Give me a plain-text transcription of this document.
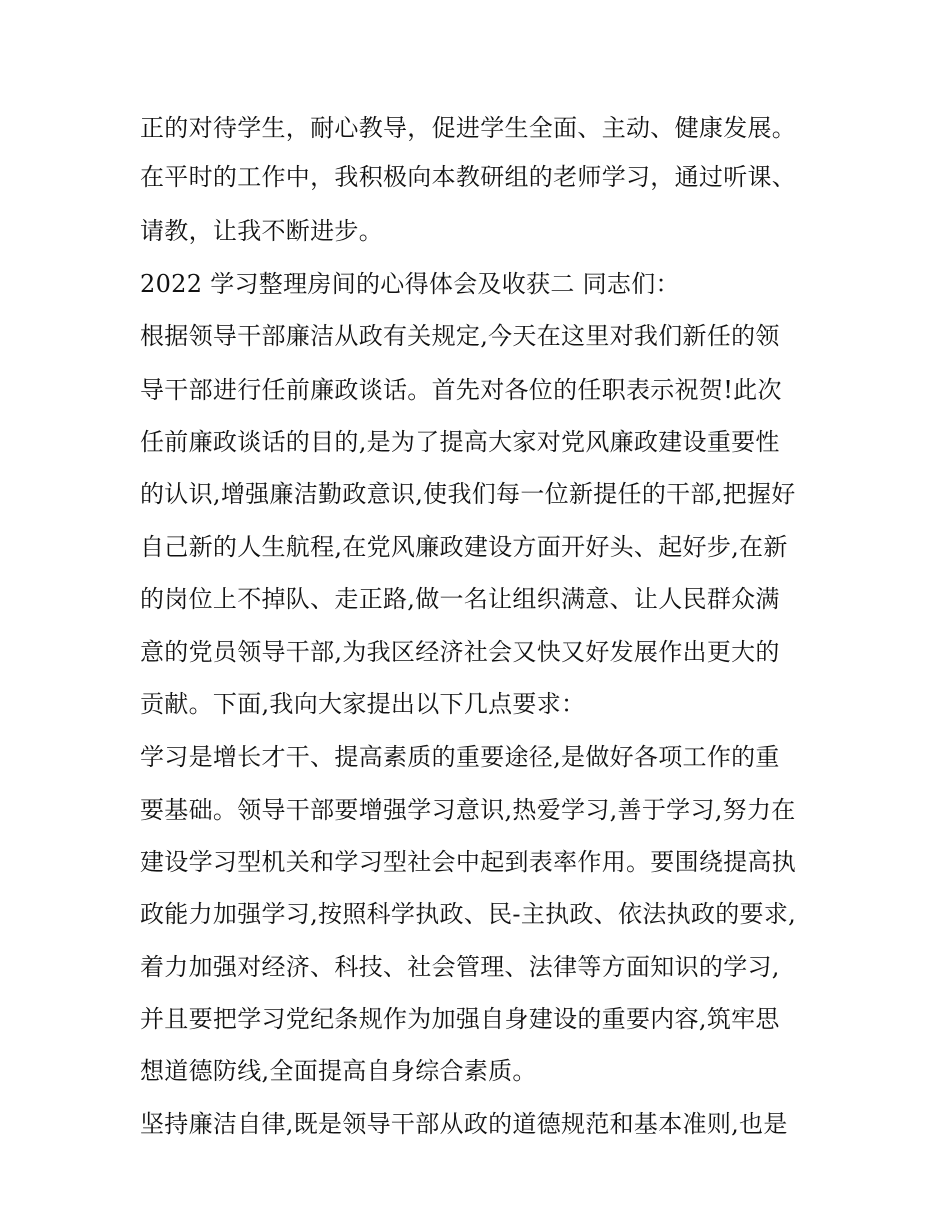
正的对待学生，耐心教导，促进学生全面、主动、健康发展。
在平时的工作中，我积极向本教研组的老师学习，通过听课、
请教，让我不断进步。
2022 学习整理房间的心得体会及收获二 同志们：
根据领导干部廉洁从政有关规定,今天在这里对我们新任的领
导干部进行任前廉政谈话。首先对各位的任职表示祝贺!此次
任前廉政谈话的目的,是为了提高大家对党风廉政建设重要性
的认识,增强廉洁勤政意识,使我们每一位新提任的干部,把握好
自己新的人生航程,在党风廉政建设方面开好头、起好步,在新
的岗位上不掉队、走正路,做一名让组织满意、让人民群众满
意的党员领导干部,为我区经济社会又快又好发展作出更大的
贡献。下面,我向大家提出以下几点要求：
学习是增长才干、提高素质的重要途径,是做好各项工作的重
要基础。领导干部要增强学习意识,热爱学习,善于学习,努力在
建设学习型机关和学习型社会中起到表率作用。要围绕提高执
政能力加强学习,按照科学执政、民-主执政、依法执政的要求,
着力加强对经济、科技、社会管理、法律等方面知识的学习,
并且要把学习党纪条规作为加强自身建设的重要内容,筑牢思
想道德防线,全面提高自身综合素质。
坚持廉洁自律,既是领导干部从政的道德规范和基本准则,也是
